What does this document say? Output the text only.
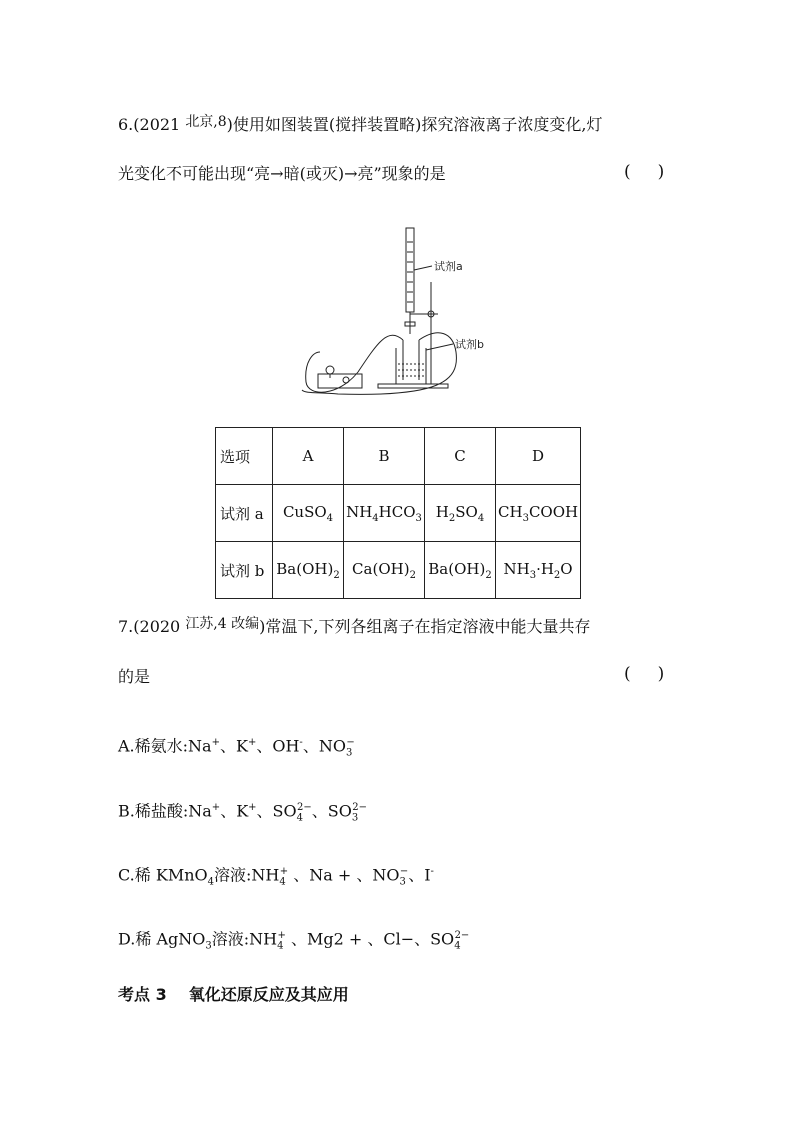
6.(2021 北京,8)使用如图装置(搅拌装置略)探究溶液离子浓度变化,灯
光变化不可能出现“亮→暗(或灭)→亮”现象的是	(     )
试剂a
试剂b
选项	A	B	C	D
试剂 a	CuSO$_4$	$NH_4HCO_3$	$H_2SO_4$	$CH_3COOH$
试剂 b	$Ba(OH)_2$	$Ca(OH)_2$	$Ba(OH)_2$	$NH_3\cdot H_2O$
7.(2020 江苏,4 改编)常温下,下列各组离子在指定溶液中能大量共存
的是	(     )
A.稀氨水:Na+、K+、OH-、$NO_3^-$
B.稀盐酸:Na+、K+、$SO_4^{2-}$、$SO_3^{2-}$
C.稀 KMnO$_4$溶液$:NH_4^+$ 、Na + 、$NO_3^-$、I-
D.稀 AgNO$_3$溶液$:NH_4^+$ 、Mg2 + 、Cl−、$SO_4^{2-}$
考点 3 氧化还原反应及其应用
